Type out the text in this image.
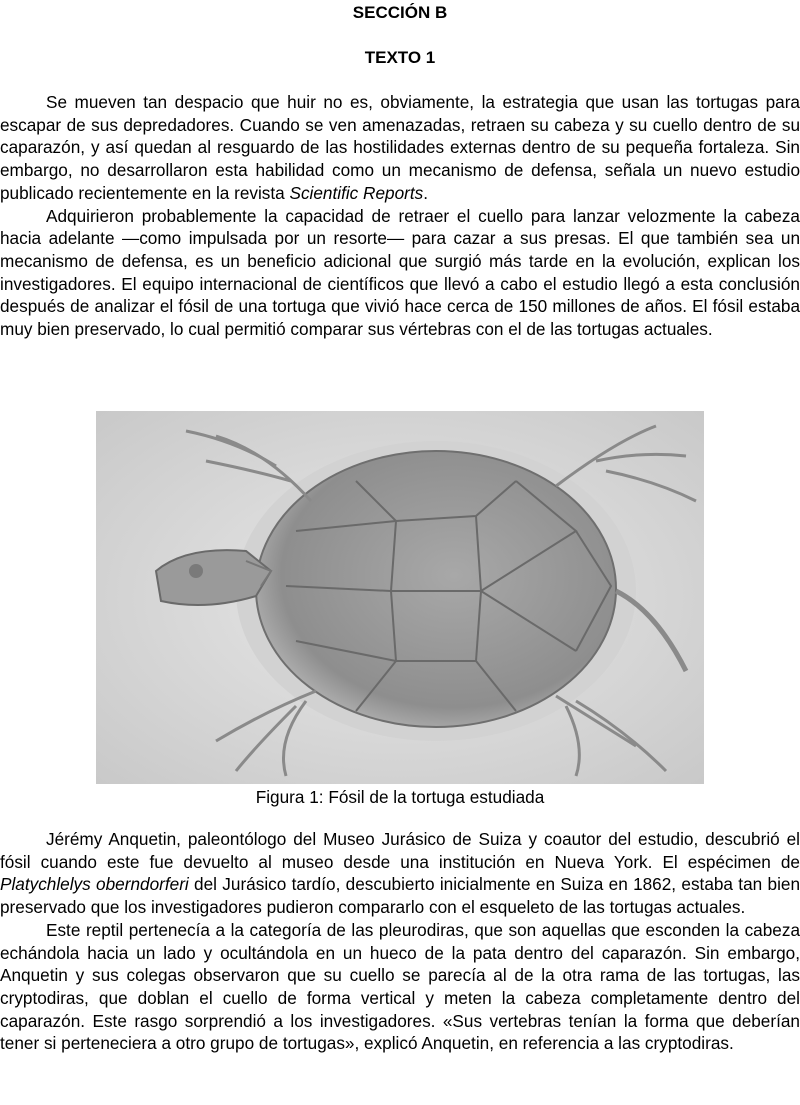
SECCIÓN B
TEXTO 1

Se mueven tan despacio que huir no es, obviamente, la estrategia que usan las tortugas para escapar de sus depredadores. Cuando se ven amenazadas, retraen su cabeza y su cuello dentro de su caparazón, y así quedan al resguardo de las hostilidades externas dentro de su pequeña fortaleza. Sin embargo, no desarrollaron esta habilidad como un mecanismo de defensa, señala un nuevo estudio publicado recientemente en la revista Scientific Reports.

Adquirieron probablemente la capacidad de retraer el cuello para lanzar velozmente la cabeza hacia adelante —como impulsada por un resorte— para cazar a sus presas. El que también sea un mecanismo de defensa, es un beneficio adicional que surgió más tarde en la evolución, explican los investigadores. El equipo internacional de científicos que llevó a cabo el estudio llegó a esta conclusión después de analizar el fósil de una tortuga que vivió hace cerca de 150 millones de años. El fósil estaba muy bien preservado, lo cual permitió comparar sus vértebras con el de las tortugas actuales.

Figura 1: Fósil de la tortuga estudiada

Jérémy Anquetin, paleontólogo del Museo Jurásico de Suiza y coautor del estudio, descubrió el fósil cuando este fue devuelto al museo desde una institución en Nueva York. El espécimen de Platychlelys oberndorferi del Jurásico tardío, descubierto inicialmente en Suiza en 1862, estaba tan bien preservado que los investigadores pudieron compararlo con el esqueleto de las tortugas actuales.

Este reptil pertenecía a la categoría de las pleurodiras, que son aquellas que esconden la cabeza echándola hacia un lado y ocultándola en un hueco de la pata dentro del caparazón. Sin embargo, Anquetin y sus colegas observaron que su cuello se parecía al de la otra rama de las tortugas, las cryptodiras, que doblan el cuello de forma vertical y meten la cabeza completamente dentro del caparazón. Este rasgo sorprendió a los investigadores. «Sus vertebras tenían la forma que deberían tener si perteneciera a otro grupo de tortugas», explicó Anquetin, en referencia a las cryptodiras.
